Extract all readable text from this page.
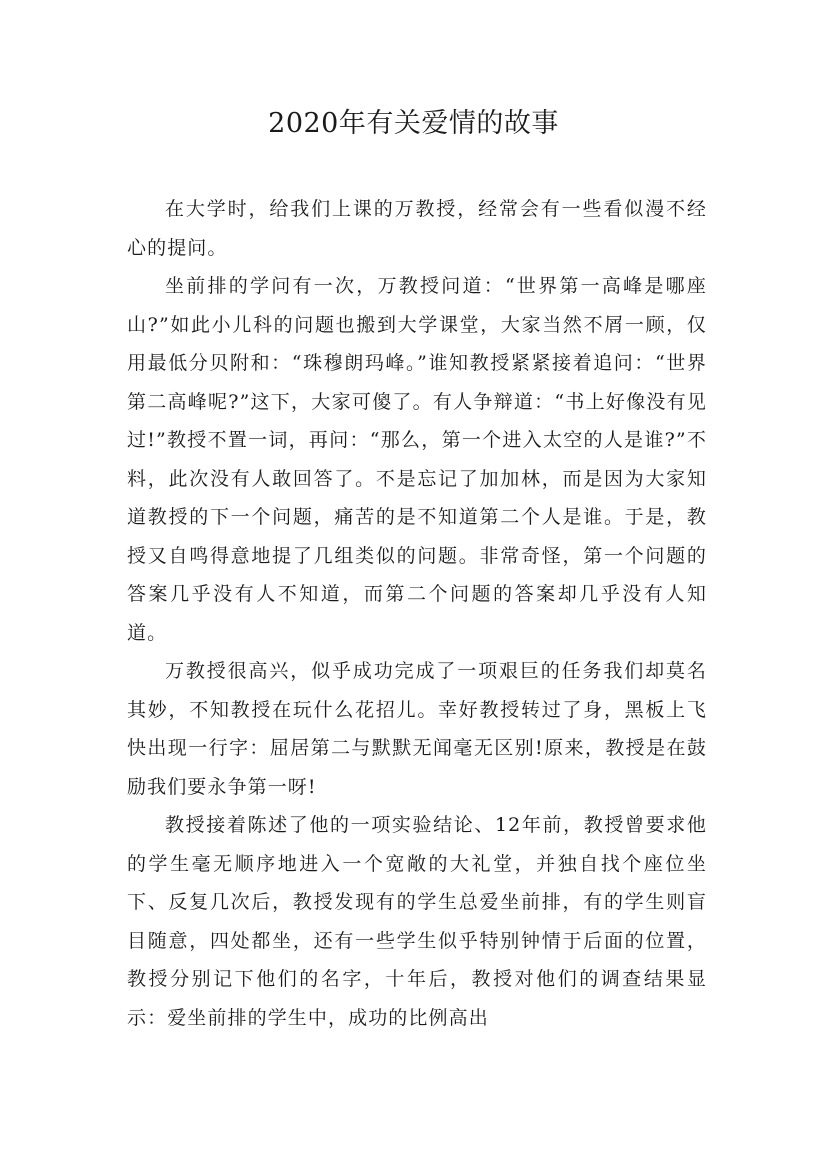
2020年有关爱情的故事

在大学时，给我们上课的万教授，经常会有一些看似漫不经心的提问。

坐前排的学问有一次，万教授问道：“世界第一高峰是哪座山?”如此小儿科的问题也搬到大学课堂，大家当然不屑一顾，仅用最低分贝附和：“珠穆朗玛峰。”谁知教授紧紧接着追问：“世界第二高峰呢?”这下，大家可傻了。有人争辩道：“书上好像没有见过!”教授不置一词，再问：“那么，第一个进入太空的人是谁?”不料，此次没有人敢回答了。不是忘记了加加林，而是因为大家知道教授的下一个问题，痛苦的是不知道第二个人是谁。于是，教授又自鸣得意地提了几组类似的问题。非常奇怪，第一个问题的答案几乎没有人不知道，而第二个问题的答案却几乎没有人知道。

万教授很高兴，似乎成功完成了一项艰巨的任务我们却莫名其妙，不知教授在玩什么花招儿。幸好教授转过了身，黑板上飞快出现一行字：屈居第二与默默无闻毫无区别!原来，教授是在鼓励我们要永争第一呀!

教授接着陈述了他的一项实验结论、12年前，教授曾要求他的学生毫无顺序地进入一个宽敞的大礼堂，并独自找个座位坐下、反复几次后，教授发现有的学生总爱坐前排，有的学生则盲目随意，四处都坐，还有一些学生似乎特别钟情于后面的位置，教授分别记下他们的名字，十年后，教授对他们的调查结果显示：爱坐前排的学生中，成功的比例高出
